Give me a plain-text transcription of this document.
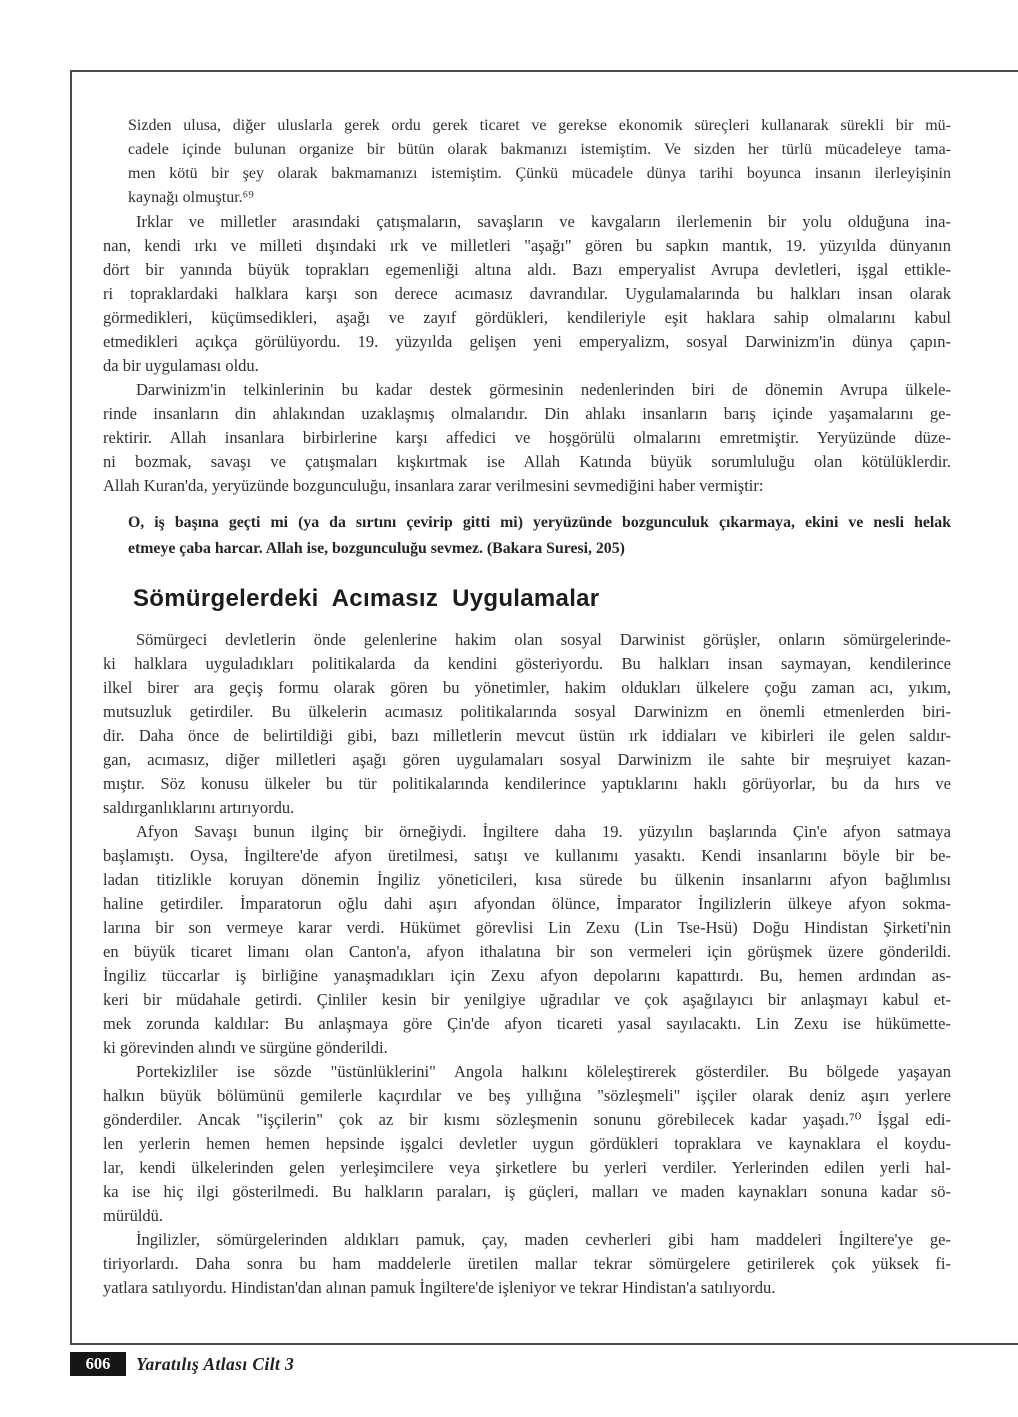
Sizden ulusa, diğer uluslarla gerek ordu gerek ticaret ve gerekse ekonomik süreçleri kullanarak sürekli bir mü-
cadele içinde bulunan organize bir bütün olarak bakmanızı istemiştim. Ve sizden her türlü mücadeleye tama-
men kötü bir şey olarak bakmamanızı istemiştim. Çünkü mücadele dünya tarihi boyunca insanın ilerleyişinin
kaynağı olmuştur.⁶⁹
Irklar ve milletler arasındaki çatışmaların, savaşların ve kavgaların ilerlemenin bir yolu olduğuna ina-
nan, kendi ırkı ve milleti dışındaki ırk ve milletleri "aşağı" gören bu sapkın mantık, 19. yüzyılda dünyanın
dört bir yanında büyük toprakları egemenliği altına aldı. Bazı emperyalist Avrupa devletleri, işgal ettikle-
ri topraklardaki halklara karşı son derece acımasız davrandılar. Uygulamalarında bu halkları insan olarak
görmedikleri, küçümsedikleri, aşağı ve zayıf gördükleri, kendileriyle eşit haklara sahip olmalarını kabul
etmedikleri açıkça görülüyordu. 19. yüzyılda gelişen yeni emperyalizm, sosyal Darwinizm'in dünya çapın-
da bir uygulaması oldu.
Darwinizm'in telkinlerinin bu kadar destek görmesinin nedenlerinden biri de dönemin Avrupa ülkele-
rinde insanların din ahlakından uzaklaşmış olmalarıdır. Din ahlakı insanların barış içinde yaşamalarını ge-
rektirir. Allah insanlara birbirlerine karşı affedici ve hoşgörülü olmalarını emretmiştir. Yeryüzünde düze-
ni bozmak, savaşı ve çatışmaları kışkırtmak ise Allah Katında büyük sorumluluğu olan kötülüklerdir.
Allah Kuran'da, yeryüzünde bozgunculuğu, insanlara zarar verilmesini sevmediğini haber vermiştir:
O, iş başına geçti mi (ya da sırtını çevirip gitti mi) yeryüzünde bozgunculuk çıkarmaya, ekini ve nesli helak
etmeye çaba harcar. Allah ise, bozgunculuğu sevmez. (Bakara Suresi, 205)
Sömürgelerdeki Acımasız Uygulamalar
Sömürgeci devletlerin önde gelenlerine hakim olan sosyal Darwinist görüşler, onların sömürgelerinde-
ki halklara uyguladıkları politikalarda da kendini gösteriyordu. Bu halkları insan saymayan, kendilerince
ilkel birer ara geçiş formu olarak gören bu yönetimler, hakim oldukları ülkelere çoğu zaman acı, yıkım,
mutsuzluk getirdiler. Bu ülkelerin acımasız politikalarında sosyal Darwinizm en önemli etmenlerden biri-
dir. Daha önce de belirtildiği gibi, bazı milletlerin mevcut üstün ırk iddiaları ve kibirleri ile gelen saldır-
gan, acımasız, diğer milletleri aşağı gören uygulamaları sosyal Darwinizm ile sahte bir meşruiyet kazan-
mıştır. Söz konusu ülkeler bu tür politikalarında kendilerince yaptıklarını haklı görüyorlar, bu da hırs ve
saldırganlıklarını artırıyordu.
Afyon Savaşı bunun ilginç bir örneğiydi. İngiltere daha 19. yüzyılın başlarında Çin'e afyon satmaya
başlamıştı. Oysa, İngiltere'de afyon üretilmesi, satışı ve kullanımı yasaktı. Kendi insanlarını böyle bir be-
ladan titizlikle koruyan dönemin İngiliz yöneticileri, kısa sürede bu ülkenin insanlarını afyon bağlımlısı
haline getirdiler. İmparatorun oğlu dahi aşırı afyondan ölünce, İmparator İngilizlerin ülkeye afyon sokma-
larına bir son vermeye karar verdi. Hükümet görevlisi Lin Zexu (Lin Tse-Hsü) Doğu Hindistan Şirketi'nin
en büyük ticaret limanı olan Canton'a, afyon ithalatına bir son vermeleri için görüşmek üzere gönderildi.
İngiliz tüccarlar iş birliğine yanaşmadıkları için Zexu afyon depolarını kapattırdı. Bu, hemen ardından as-
keri bir müdahale getirdi. Çinliler kesin bir yenilgiye uğradılar ve çok aşağılayıcı bir anlaşmayı kabul et-
mek zorunda kaldılar: Bu anlaşmaya göre Çin'de afyon ticareti yasal sayılacaktı. Lin Zexu ise hükümette-
ki görevinden alındı ve sürgüne gönderildi.
Portekizliler ise sözde "üstünlüklerini" Angola halkını köleleştirerek gösterdiler. Bu bölgede yaşayan
halkın büyük bölümünü gemilerle kaçırdılar ve beş yıllığına "sözleşmeli" işçiler olarak deniz aşırı yerlere
gönderdiler. Ancak "işçilerin" çok az bir kısmı sözleşmenin sonunu görebilecek kadar yaşadı.⁷⁰ İşgal edi-
len yerlerin hemen hemen hepsinde işgalci devletler uygun gördükleri topraklara ve kaynaklara el koydu-
lar, kendi ülkelerinden gelen yerleşimcilere veya şirketlere bu yerleri verdiler. Yerlerinden edilen yerli hal-
ka ise hiç ilgi gösterilmedi. Bu halkların paraları, iş güçleri, malları ve maden kaynakları sonuna kadar sö-
mürüldü.
İngilizler, sömürgelerinden aldıkları pamuk, çay, maden cevherleri gibi ham maddeleri İngiltere'ye ge-
tiriyorlardı. Daha sonra bu ham maddelerle üretilen mallar tekrar sömürgelere getirilerek çok yüksek fi-
yatlara satılıyordu. Hindistan'dan alınan pamuk İngiltere'de işleniyor ve tekrar Hindistan'a satılıyordu.
606	Yaratılış Atlası Cilt 3
